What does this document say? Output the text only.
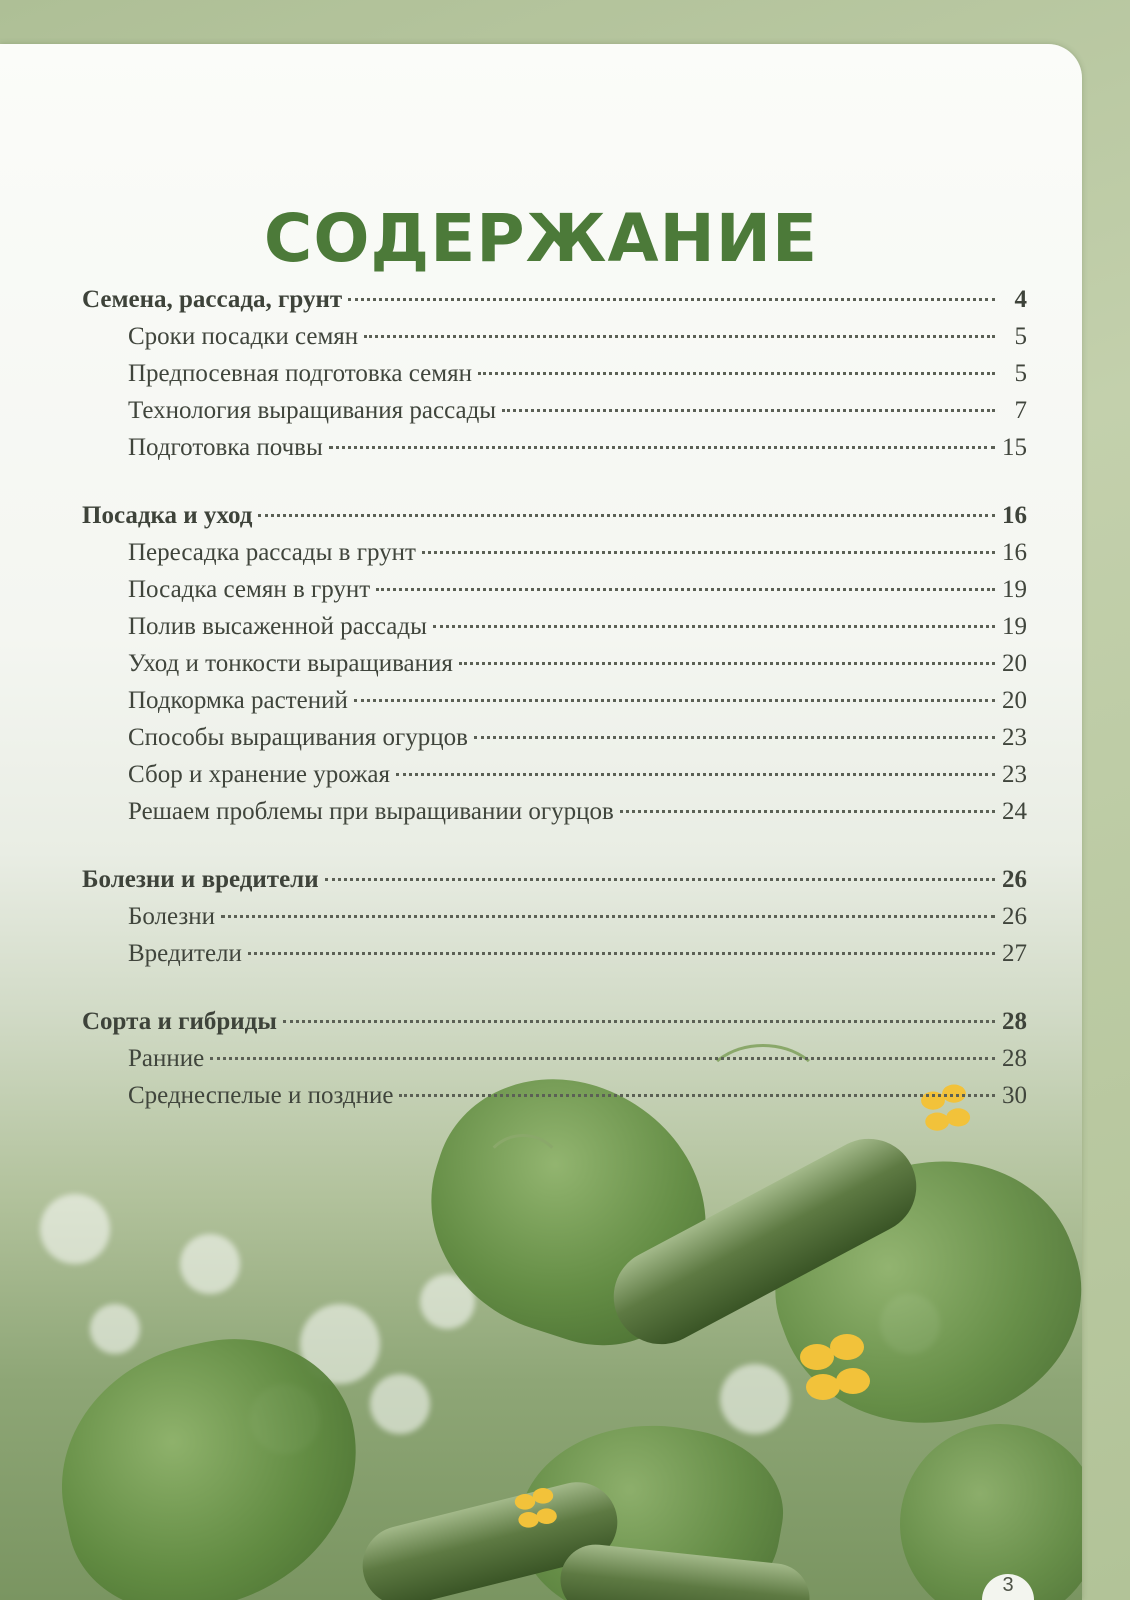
СОДЕРЖАНИЕ
Семена, рассада, грунт	4
Сроки посадки семян	5
Предпосевная подготовка семян	5
Технология выращивания рассады	7
Подготовка почвы	15
Посадка и уход	16
Пересадка рассады в грунт	16
Посадка семян в грунт	19
Полив высаженной рассады	19
Уход и тонкости выращивания	20
Подкормка растений	20
Способы выращивания огурцов	23
Сбор и хранение урожая	23
Решаем проблемы при выращивании огурцов	24
Болезни и вредители	26
Болезни	26
Вредители	27
Сорта и гибриды	28
Ранние	28
Среднеспелые и поздние	30
3
